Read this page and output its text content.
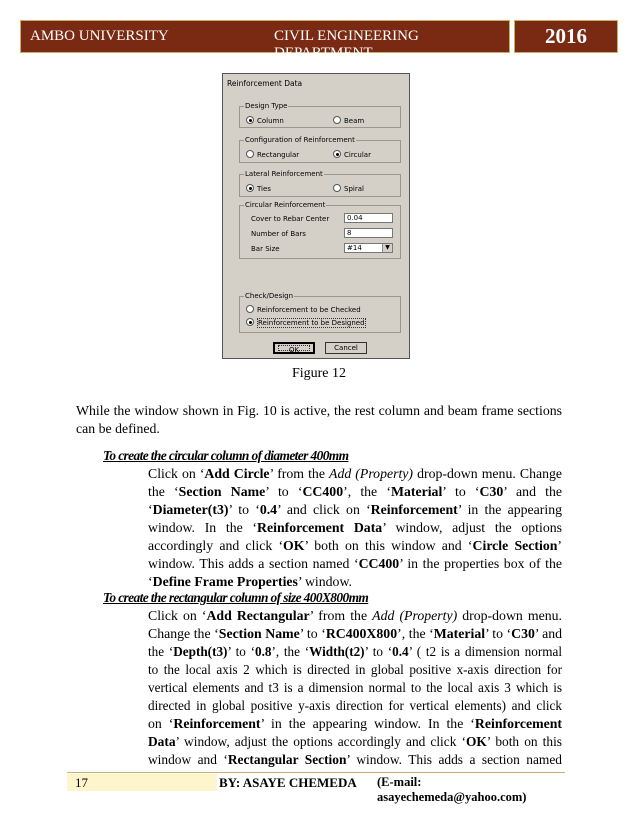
AMBO UNIVERSITY	CIVIL ENGINEERING DEPARTMENT
2016
Reinforcement Data
Design Type
Column	Beam
Configuration of Reinforcement
Rectangular	Circular
Lateral Reinforcement
Ties	Spiral
Circular Reinforcement
Cover to Rebar Center	0.04
Number of Bars	8
Bar Size	#14	▼
Check/Design
Reinforcement to be Checked
Reinforcement to be Designed
OK	Cancel
Figure 12
While the window shown in Fig. 10 is active, the rest column and beam frame sections
can be defined.
To create the circular column of diameter 400mm
Click on ‘Add Circle’ from the Add (Property) drop-down menu. Change
the ‘Section Name’ to ‘CC400’, the ‘Material’ to ‘C30’ and the
‘Diameter(t3)’ to ‘0.4’ and click on ‘Reinforcement’ in the appearing
window. In the ‘Reinforcement Data’ window, adjust the options
accordingly and click ‘OK’ both on this window and ‘Circle Section’
window. This adds a section named ‘CC400’ in the properties box of the
‘Define Frame Properties’ window.
To create the rectangular column of size 400X800mm
Click on ‘Add Rectangular’ from the Add (Property) drop-down menu.
Change the ‘Section Name’ to ‘RC400X800’, the ‘Material’ to ‘C30’ and
the ‘Depth(t3)’ to ‘0.8’, the ‘Width(t2)’ to ‘0.4’ ( t2 is a dimension normal
to the local axis 2 which is directed in global positive x-axis direction for
vertical elements and t3 is a dimension normal to the local axis 3 which is
directed in global positive y-axis direction for vertical elements) and click
on ‘Reinforcement’ in the appearing window. In the ‘Reinforcement
Data’ window, adjust the options accordingly and click ‘OK’ both on this
window and ‘Rectangular Section’ window. This adds a section named
17	BY: ASAYE CHEMEDA (E-mail: asayechemeda@yahoo.com)
